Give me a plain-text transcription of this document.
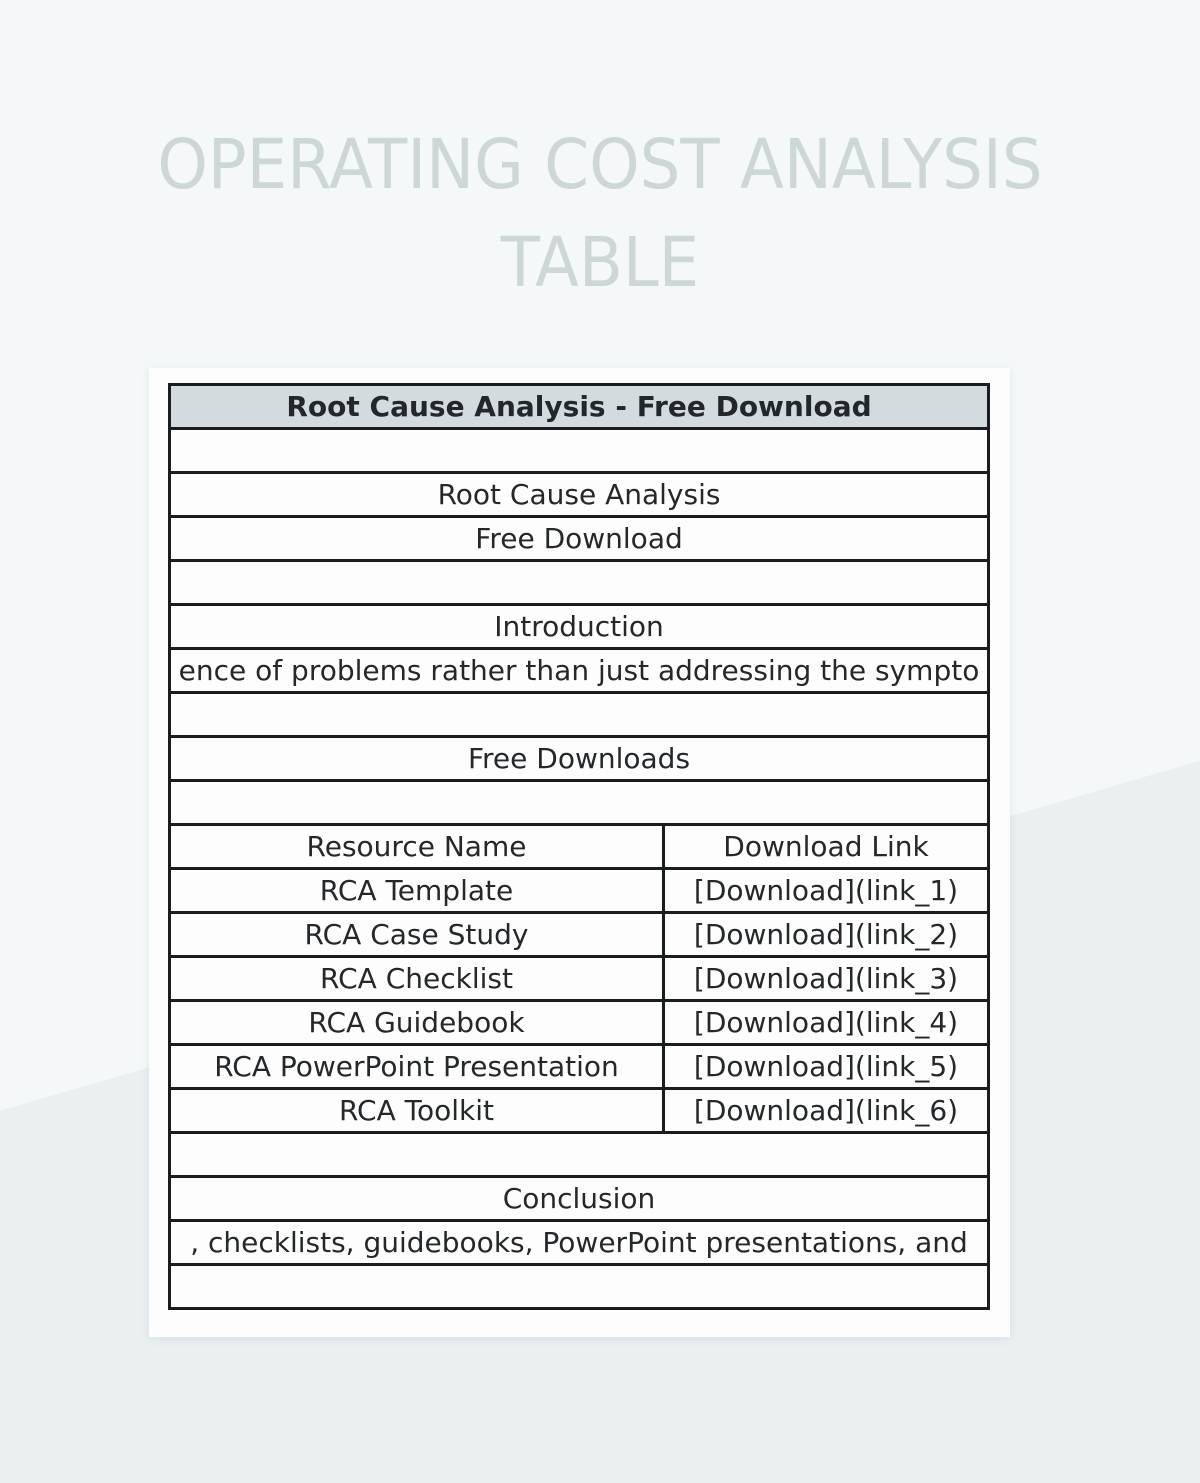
OPERATING COST ANALYSIS
TABLE
Root Cause Analysis - Free Download
Root Cause Analysis
Free Download
Introduction
ence of problems rather than just addressing the sympto
Free Downloads
Resource Name	Download Link
RCA Template	[Download](link_1)
RCA Case Study	[Download](link_2)
RCA Checklist	[Download](link_3)
RCA Guidebook	[Download](link_4)
RCA PowerPoint Presentation	[Download](link_5)
RCA Toolkit	[Download](link_6)
Conclusion
, checklists, guidebooks, PowerPoint presentations, and
